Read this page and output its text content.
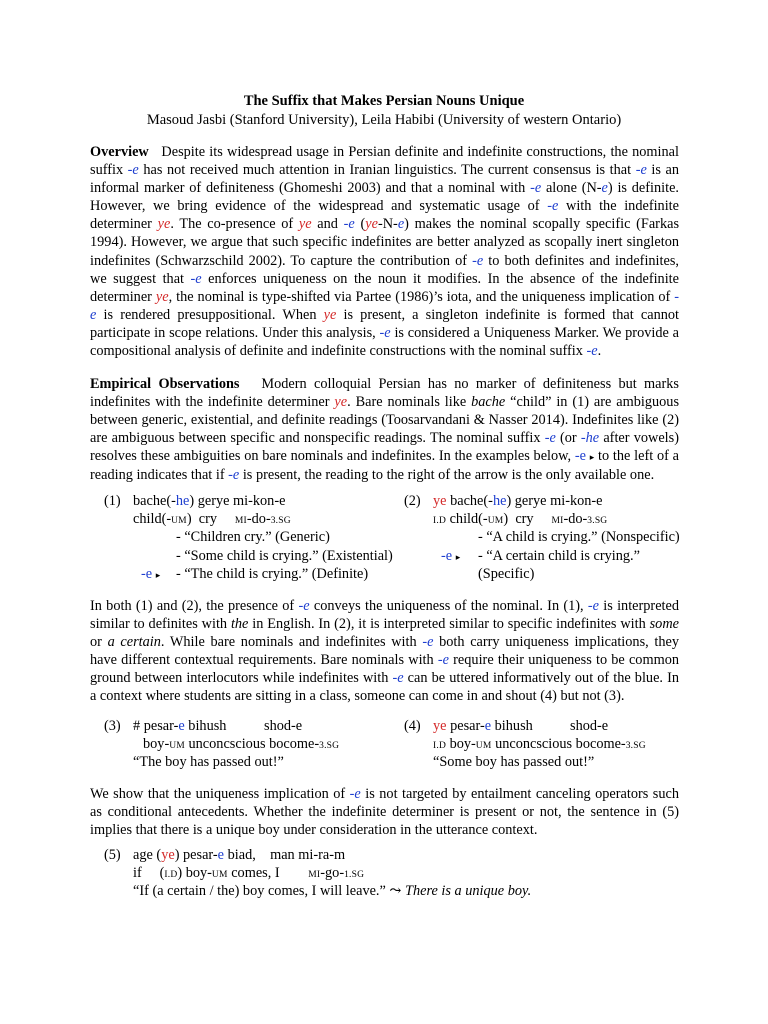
The Suffix that Makes Persian Nouns Unique
Masoud Jasbi (Stanford University), Leila Habibi (University of western Ontario)
Overview   Despite its widespread usage in Persian definite and indefinite constructions, the nominal suffix -e has not received much attention in Iranian linguistics. The current consensus is that -e is an informal marker of definiteness (Ghomeshi 2003) and that a nominal with -e alone (N-e) is definite. However, we bring evidence of the widespread and systematic usage of -e with the indefinite determiner ye. The co-presence of ye and -e (ye-N-e) makes the nominal scopally specific (Farkas 1994). However, we argue that such specific indefinites are better analyzed as scopally inert singleton indefinites (Schwarzschild 2002). To capture the contribution of -e to both definites and indefinites, we suggest that -e enforces uniqueness on the noun it modifies. In the absence of the indefinite determiner ye, the nominal is type-shifted via Partee (1986)’s iota, and the uniqueness implication of -e is rendered presuppositional. When ye is present, a singleton indefinite is formed that cannot participate in scope relations. Under this analysis, -e is considered a Uniqueness Marker. We provide a compositional analysis of definite and indefinite constructions with the nominal suffix -e.
Empirical Observations   Modern colloquial Persian has no marker of definiteness but marks indefinites with the indefinite determiner ye. Bare nominals like bache “child” in (1) are ambiguous between generic, existential, and definite readings (Toosarvandani & Nasser 2014). Indefinites like (2) are ambiguous between specific and nonspecific readings. The nominal suffix -e (or -he after vowels) resolves these ambiguities on bare nominals and indefinites. In the examples below, -e ▸ to the left of a reading indicates that if -e is present, the reading to the right of the arrow is the only available one.
(1) bache(-he) gerye mi-kon-e
child(-UM)  cry     MI-do-3.SG
- “Children cry.” (Generic)
- “Some child is crying.” (Existential)
-e ▸ - “The child is crying.” (Definite)
(2) ye bache(-he) gerye mi-kon-e
I.D child(-UM)  cry     MI-do-3.SG
- “A child is crying.” (Nonspecific)
-e ▸ - “A certain child is crying.”
(Specific)
In both (1) and (2), the presence of -e conveys the uniqueness of the nominal. In (1), -e is interpreted similar to definites with the in English. In (2), it is interpreted similar to specific indefinites with some or a certain. While bare nominals and indefinites with -e both carry uniqueness implications, they have different contextual requirements. Bare nominals with -e require their uniqueness to be common ground between interlocutors while indefinites with -e can be uttered informatively out of the blue. In a context where students are sitting in a class, someone can come in and shout (4) but not (3).
(3) # pesar-e bihush	shod-e
boy-UM unconcscious bocome-3.SG
“The boy has passed out!”
(4) ye pesar-e bihush	shod-e
I.D boy-UM unconcscious bocome-3.SG
“Some boy has passed out!”
We show that the uniqueness implication of -e is not targeted by entailment canceling operators such as conditional antecedents. Whether the indefinite determiner is present or not, the sentence in (5) implies that there is a unique boy under consideration in the utterance context.
(5) age (ye) pesar-e biad,    man mi-ra-m
if     (I.D) boy-UM comes, I        MI-go-1.SG
“If (a certain / the) boy comes, I will leave.” ⤳ There is a unique boy.
